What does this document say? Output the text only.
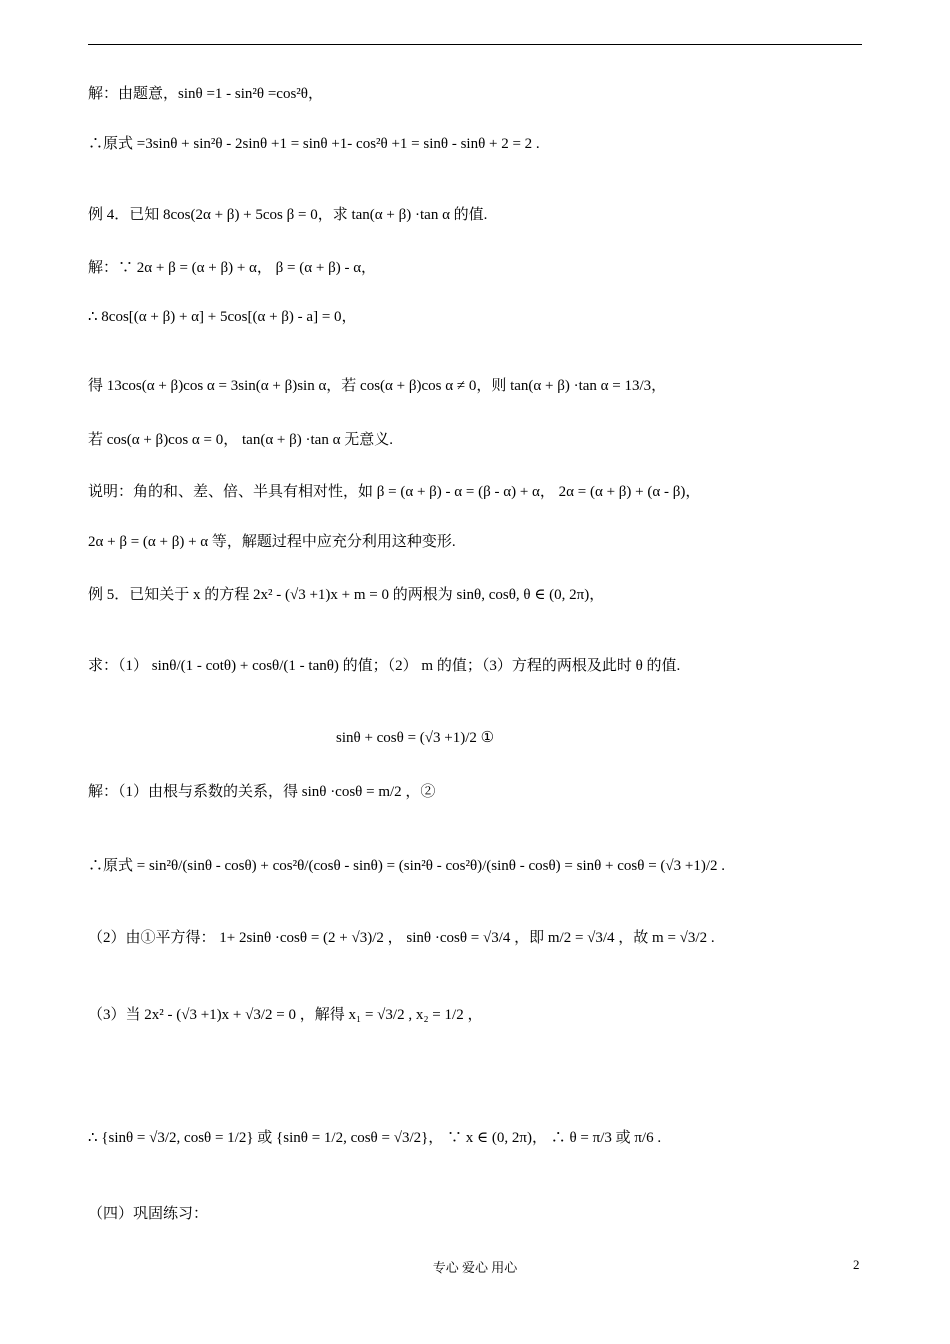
解：由题意，sinθ =1 - sin²θ =cos²θ，
∴原式 =3sinθ + sin²θ - 2sinθ +1 = sinθ +1- cos²θ +1 = sinθ - sinθ + 2 = 2 .
例 4．已知 8cos(2α + β) + 5cos β = 0，求 tan(α + β) ·tan α 的值.
解：∵ 2α + β = (α + β) + α， β = (α + β) - α，
∴ 8cos[(α + β) + α] + 5cos[(α + β) - a] = 0，
得 13cos(α + β)cos α = 3sin(α + β)sin α，若 cos(α + β)cos α ≠ 0，则 tan(α + β) ·tan α = 13/3，
若 cos(α + β)cos α = 0， tan(α + β) ·tan α 无意义.
说明：角的和、差、倍、半具有相对性，如 β = (α + β) - α = (β - α) + α， 2α = (α + β) + (α - β)，
2α + β = (α + β) + α 等，解题过程中应充分利用这种变形.
例 5．已知关于 x 的方程 2x² - (√3 +1)x + m = 0 的两根为 sinθ, cosθ, θ ∈ (0, 2π)，
求：（1） sinθ/(1 - cotθ) + cosθ/(1 - tanθ) 的值；（2） m 的值；（3）方程的两根及此时 θ 的值.
sinθ + cosθ = (√3 +1)/2 ①
解：（1）由根与系数的关系，得 sinθ ·cosθ = m/2 ，②
∴原式 = sin²θ/(sinθ - cosθ) + cos²θ/(cosθ - sinθ) = (sin²θ - cos²θ)/(sinθ - cosθ) = sinθ + cosθ = (√3 +1)/2 .
（2）由①平方得： 1+ 2sinθ ·cosθ = (2 + √3)/2 ， sinθ ·cosθ = √3/4 ，即 m/2 = √3/4 ，故 m = √3/2 .
（3）当 2x² - (√3 +1)x + √3/2 = 0 ，解得 x₁ = √3/2 , x₂ = 1/2 ，
∴ {sinθ = √3/2, cosθ = 1/2} 或 {sinθ = 1/2, cosθ = √3/2}， ∵ x ∈ (0, 2π)， ∴ θ = π/3 或 π/6 .
（四）巩固练习：
专心 爱心 用心	2
